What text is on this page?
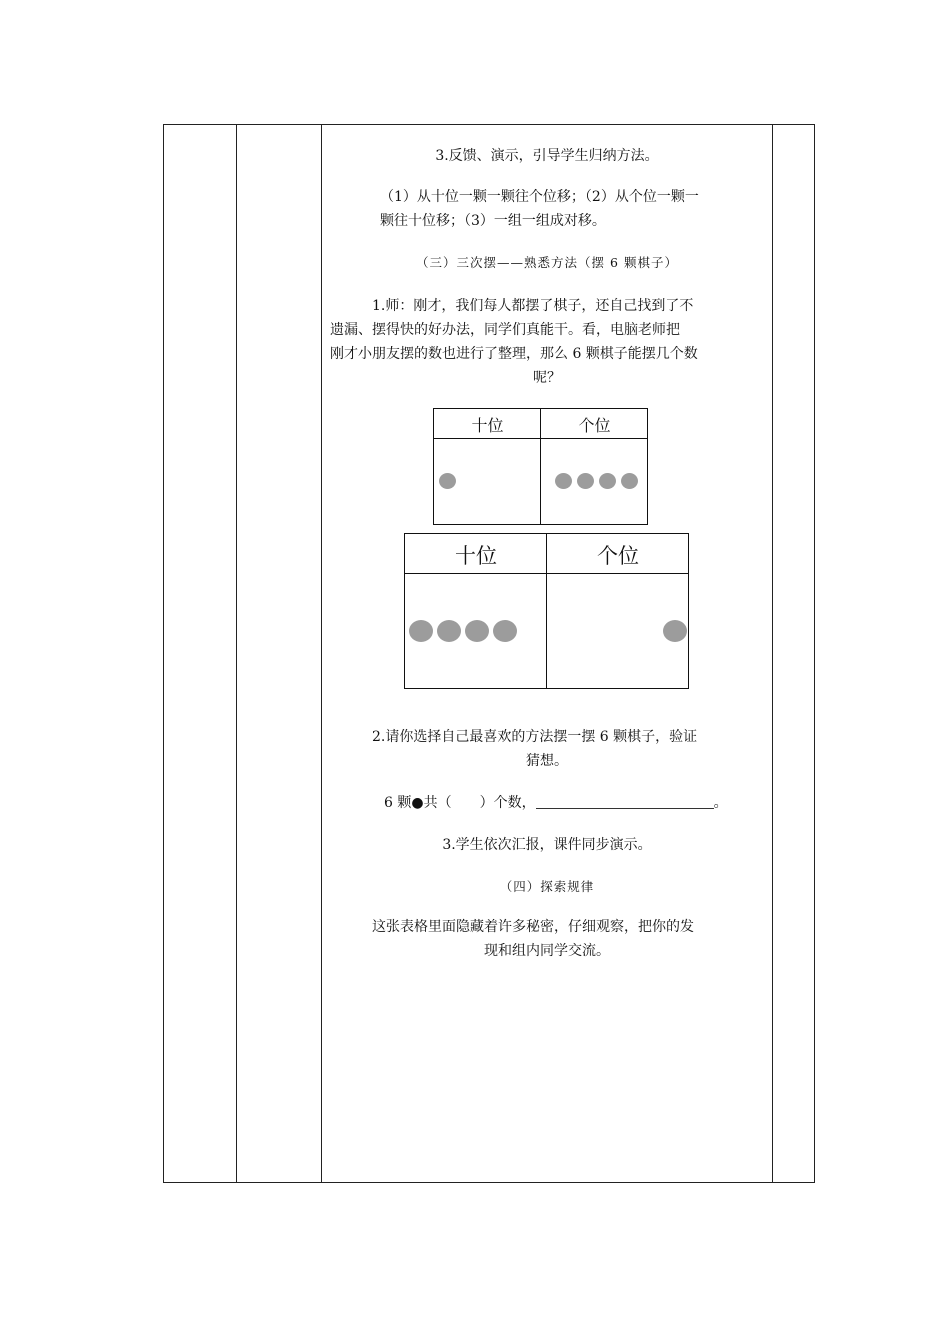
3.反馈、演示，引导学生归纳方法。
（1）从十位一颗一颗往个位移；（2）从个位一颗一
颗往十位移；（3）一组一组成对移。
（三）三次摆——熟悉方法（摆 6 颗棋子）
1.师：刚才，我们每人都摆了棋子，还自己找到了不
遗漏、摆得快的好办法，同学们真能干。看，电脑老师把
刚才小朋友摆的数也进行了整理，那么 6 颗棋子能摆几个数
呢？
十位	个位
十位	个位
2.请你选择自己最喜欢的方法摆一摆 6 颗棋子，验证
猜想。
6 颗●共（ ）个数，	。
3.学生依次汇报，课件同步演示。
（四）探索规律
这张表格里面隐藏着许多秘密，仔细观察，把你的发
现和组内同学交流。
